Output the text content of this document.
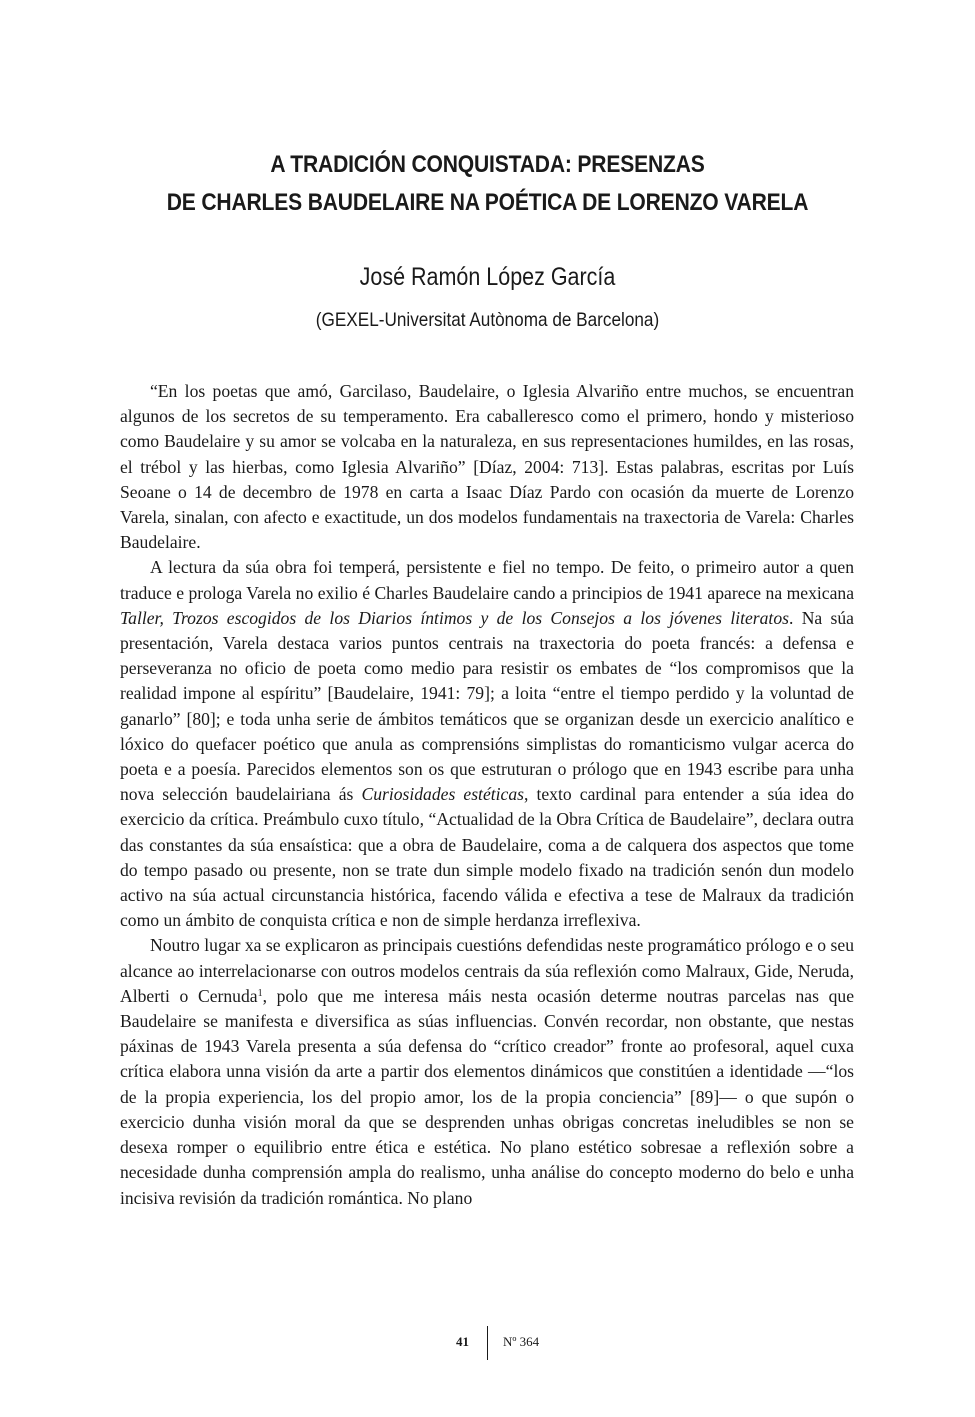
A TRADICIÓN CONQUISTADA: PRESENZAS
DE CHARLES BAUDELAIRE NA POÉTICA DE LORENZO VARELA
José Ramón López García
(GEXEL-Universitat Autònoma de Barcelona)

“En los poetas que amó, Garcilaso, Baudelaire, o Iglesia Alvariño entre muchos, se encuentran algunos de los secretos de su temperamento. Era caballeresco como el primero, hondo y misterioso como Baudelaire y su amor se volcaba en la naturaleza, en sus representaciones humildes, en las rosas, el trébol y las hierbas, como Iglesia Alvariño” [Díaz, 2004: 713]. Estas palabras, escritas por Luís Seoane o 14 de decembro de 1978 en carta a Isaac Díaz Pardo con ocasión da muerte de Lorenzo Varela, sinalan, con afecto e exactitude, un dos modelos fundamentais na traxectoria de Varela: Charles Baudelaire.

A lectura da súa obra foi temperá, persistente e fiel no tempo. De feito, o primeiro autor a quen traduce e prologa Varela no exilio é Charles Baudelaire cando a principios de 1941 aparece na mexicana Taller, Trozos escogidos de los Diarios íntimos y de los Consejos a los jóvenes literatos. Na súa presentación, Varela destaca varios puntos centrais na traxectoria do poeta francés: a defensa e perseveranza no oficio de poeta como medio para resistir os embates de “los compromisos que la realidad impone al espíritu” [Baudelaire, 1941: 79]; a loita “entre el tiempo perdido y la voluntad de ganarlo” [80]; e toda unha serie de ámbitos temáticos que se organizan desde un exercicio analítico e lóxico do quefacer poético que anula as comprensións simplistas do romanticismo vulgar acerca do poeta e a poesía. Parecidos elementos son os que estruturan o prólogo que en 1943 escribe para unha nova selección baudelairiana ás Curiosidades estéticas, texto cardinal para entender a súa idea do exercicio da crítica. Preámbulo cuxo título, “Actualidad de la Obra Crítica de Baudelaire”, declara outra das constantes da súa ensaística: que a obra de Baudelaire, coma a de calquera dos aspectos que tome do tempo pasado ou presente, non se trate dun simple modelo fixado na tradición senón dun modelo activo na súa actual circunstancia histórica, facendo válida e efectiva a tese de Malraux da tradición como un ámbito de conquista crítica e non de simple herdanza irreflexiva.

Noutro lugar xa se explicaron as principais cuestións defendidas neste programático prólogo e o seu alcance ao interrelacionarse con outros modelos centrais da súa reflexión como Malraux, Gide, Neruda, Alberti o Cernuda$^1$, polo que me interesa máis nesta ocasión determe noutras parcelas nas que Baudelaire se manifesta e diversifica as súas influencias. Convén recordar, non obstante, que nestas páxinas de 1943 Varela presenta a súa defensa do “crítico creador” fronte ao profesoral, aquel cuxa crítica elabora unna visión da arte a partir dos elementos dinámicos que constitúen a identidade —“los de la propia experiencia, los del propio amor, los de la propia conciencia” [89]— o que supón o exercicio dunha visión moral da que se desprenden unhas obrigas concretas ineludibles se non se desexa romper o equilibrio entre ética e estética. No plano estético sobresae a reflexión sobre a necesidade dunha comprensión ampla do realismo, unha análise do concepto moderno do belo e unha incisiva revisión da tradición romántica. No plano

41	Nº 364
